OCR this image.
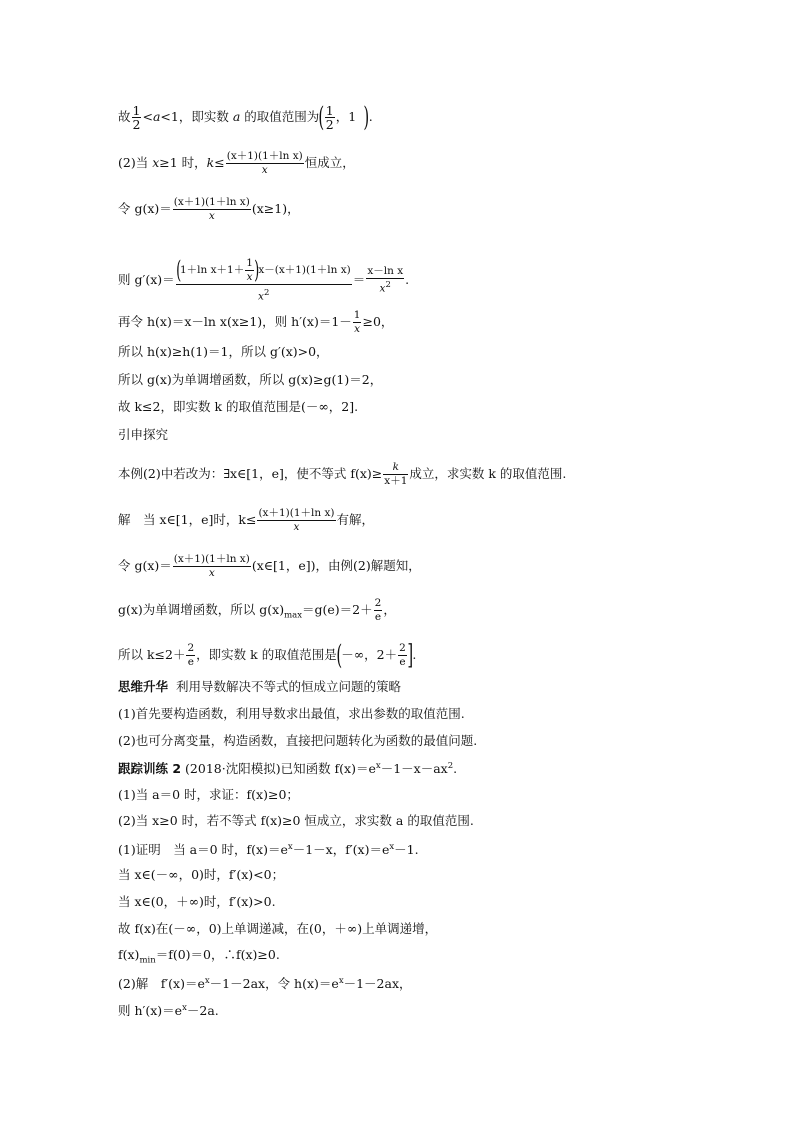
故 $\frac{1}{2} <a<1$，即实数 a 的取值范围为( $\frac{1}{2}$ ，1 ).
(2)当 x≥1 时，$k\le \frac{\text{(x＋1)(1＋ln x)}}{x}$ 恒成立，
令 $g(x)= \frac{\text{(x＋1)(1＋ln x)}}{x} (x\ge 1)$，
则 $g'(x)= \frac{(1+\ln x+1+ \frac{1}{x} )x-(x+1)(1+\ln x)}{x^2} = \frac{\text{x－ln x}}{x^2}$ .
再令 h(x)＝x－ln x(x≥1)，则 $h'(x)=1- \frac{1}{x} \ge 0$，
所以 h(x)≥h(1)＝1，所以 g′(x)>0，
所以 g(x)为单调增函数，所以 g(x)≥g(1)＝2，
故 k≤2，即实数 k 的取值范围是(－∞，2].
引申探究
本例(2)中若改为：∃x∈[1，e]，使不等式 $f(x)\ge \frac{k}{x+1}$ 成立，求实数 k 的取值范围.
解　当 x∈[1，e]时，$k\le \frac{\text{(x＋1)(1＋ln x)}}{x}$ 有解，
令 $g(x)= \frac{\text{(x＋1)(1＋ln x)}}{x}$ (x∈[1，e])，由例(2)解题知，
g(x)为单调增函数，所以 $g(x)_{max}=g(e)=2+ \frac{2}{e}$ ，
所以 $k\le 2+ \frac{2}{e}$ ，即实数 k 的取值范围是(－∞，$2+ \frac{2}{e}$ ].
思维升华 利用导数解决不等式的恒成立问题的策略
(1)首先要构造函数，利用导数求出最值，求出参数的取值范围.
(2)也可分离变量，构造函数，直接把问题转化为函数的最值问题.
跟踪训练 2 (2018·沈阳模拟)已知函数 $f(x)=e^x-1-x-ax^2$.
(1)当 a＝0 时，求证：f(x)≥0；
(2)当 x≥0 时，若不等式 f(x)≥0 恒成立，求实数 a 的取值范围.
(1)证明　当 a＝0 时，$f(x)=e^x-1-x$，$f'(x)=e^x-1$.
当 x∈(－∞，0)时，f′(x)<0；
当 x∈(0，＋∞)时，f′(x)>0.
故 f(x)在(－∞，0)上单调递减，在(0，＋∞)上单调递增，
$f(x)_{min}=f(0)=0$，∴f(x)≥0.
(2)解　$f'(x)=e^x-1-2ax$，令 $h(x)=e^x-1-2ax$，
则 $h'(x)=e^x-2a$.
